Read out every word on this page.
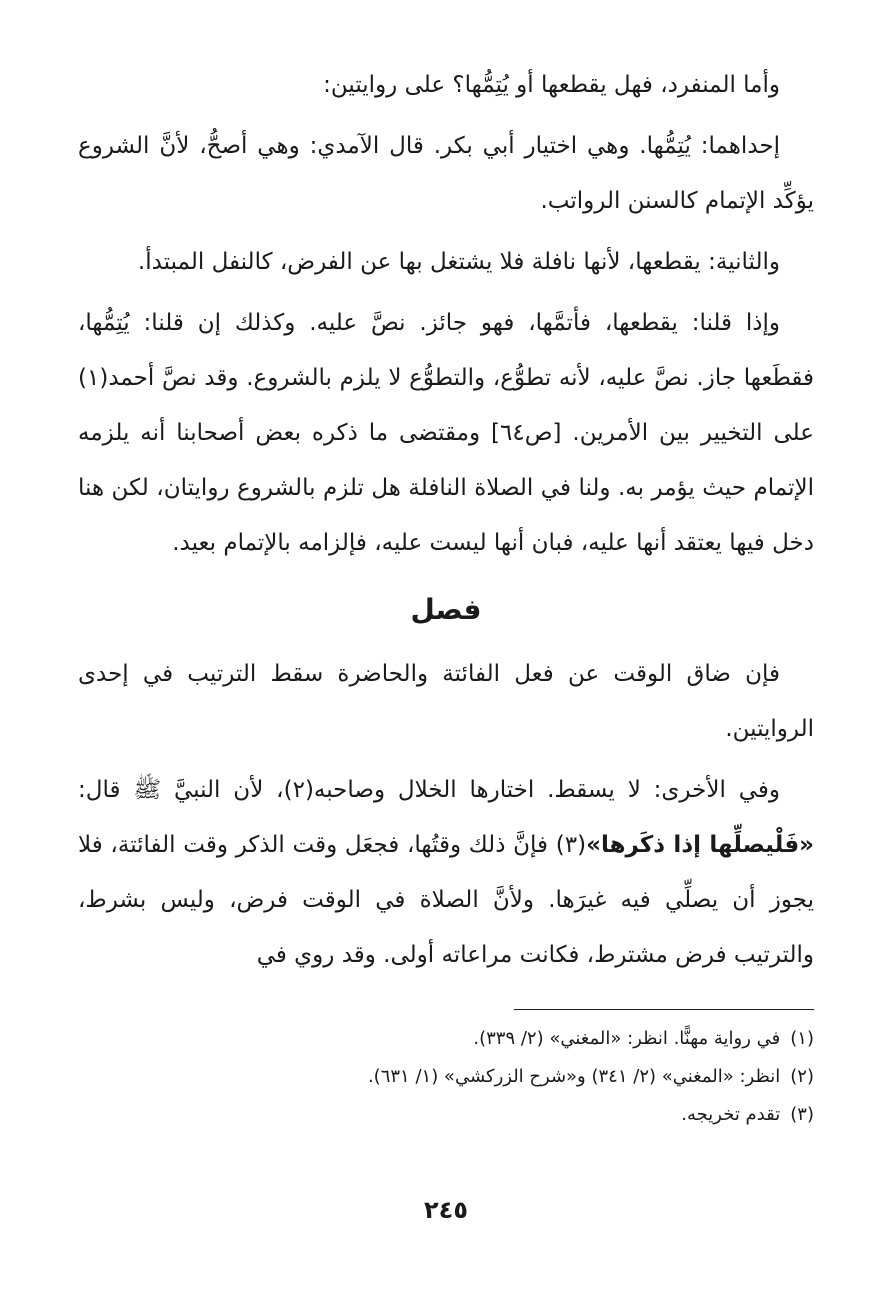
وأما المنفرد، فهل يقطعها أو يُتِمُّها؟ على روايتين:

إحداهما: يُتِمُّها. وهي اختيار أبي بكر. قال الآمدي: وهي أصحُّ، لأنَّ الشروع يؤكِّد الإتمام كالسنن الرواتب.

والثانية: يقطعها، لأنها نافلة فلا يشتغل بها عن الفرض، كالنفل المبتدأ.

وإذا قلنا: يقطعها، فأتمَّها، فهو جائز. نصَّ عليه. وكذلك إن قلنا: يُتِمُّها، فقطَعها جاز. نصَّ عليه، لأنه تطوُّع، والتطوُّع لا يلزم بالشروع. وقد نصَّ أحمد(١) على التخيير بين الأمرين. [ص٦٤] ومقتضى ما ذكره بعض أصحابنا أنه يلزمه الإتمام حيث يؤمر به. ولنا في الصلاة النافلة هل تلزم بالشروع روايتان، لكن هنا دخل فيها يعتقد أنها عليه، فبان أنها ليست عليه، فإلزامه بالإتمام بعيد.

فصل

فإن ضاق الوقت عن فعل الفائتة والحاضرة سقط الترتيب في إحدى الروايتين.

وفي الأخرى: لا يسقط. اختارها الخلال وصاحبه(٢)، لأن النبيَّ ﷺ قال: «فَلْيصلِّها إذا ذكَرها»(٣) فإنَّ ذلك وقتُها، فجعَل وقت الذكر وقت الفائتة، فلا يجوز أن يصلِّي فيه غيرَها. ولأنَّ الصلاة في الوقت فرض، وليس بشرط، والترتيب فرض مشترط، فكانت مراعاته أولى. وقد روي في

(١)
في رواية مهنًّا. انظر: «المغني» (٢/ ٣٣٩).
(٢)
انظر: «المغني» (٢/ ٣٤١) و«شرح الزركشي» (١/ ٦٣١).
(٣)
تقدم تخريجه.
٢٤٥
